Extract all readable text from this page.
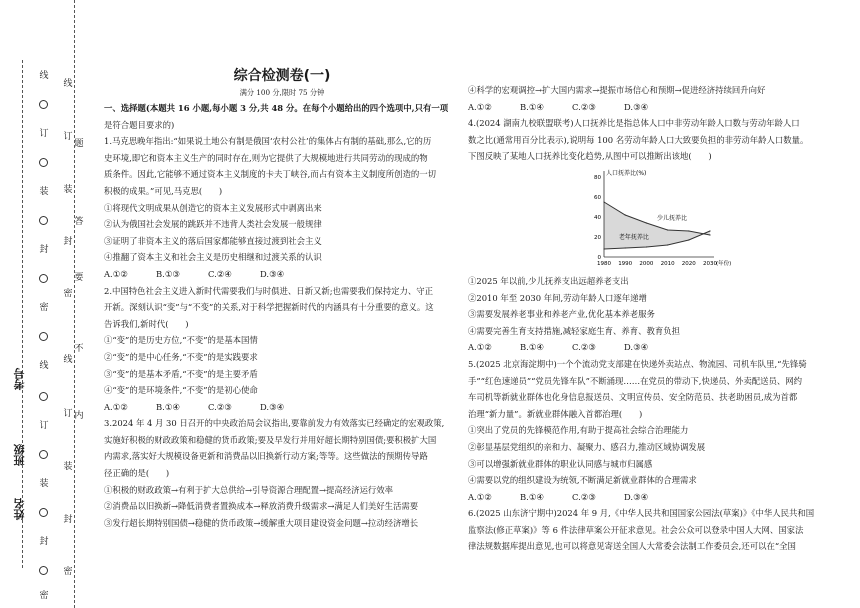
线
订
装
封
密
线
订
装
封
密
题
答
要
不
内
线
订
装
封
密
线
订
装
封
密
考号
班级
姓名
综合检测卷(一)
满分 100 分,限时 75 分钟

一、选择题(本题共 16 小题,每小题 3 分,共 48 分。在每个小题给出的四个选项中,只有一项

是符合题目要求的)

1.马克思晚年指出:“如果说土地公有制是俄国‘农村公社’的集体占有制的基础,那么,它的历

史环境,即它和资本主义生产的同时存在,则为它提供了大规模地进行共同劳动的现成的物

质条件。因此,它能够不通过资本主义制度的卡夫丁峡谷,而占有资本主义制度所创造的一切

积极的成果。”可见,马克思(　　)

①将现代文明成果从创造它的资本主义发展形式中剥离出来

②认为俄国社会发展的跳跃并不违背人类社会发展一般规律

③证明了非资本主义的落后国家都能够直接过渡到社会主义

④推翻了资本主义和社会主义是历史相继和过渡关系的认识

A.①②	B.①③	C.②④	D.③④

2.中国特色社会主义进入新时代需要我们与时俱进、日新又新;也需要我们保持定力、守正

开新。深刻认识“变”与“不变”的关系,对于科学把握新时代的内涵具有十分重要的意义。这

告诉我们,新时代(　　)

①“变”的是历史方位,“不变”的是基本国情

②“变”的是中心任务,“不变”的是实践要求

③“变”的是基本矛盾,“不变”的是主要矛盾

④“变”的是环境条件,“不变”的是初心使命

A.①②	B.①④	C.②③	D.③④

3.2024 年 4 月 30 日召开的中央政治局会议指出,要靠前发力有效落实已经确定的宏观政策,

实施好积极的财政政策和稳健的货币政策;要及早发行并用好超长期特别国债;要积极扩大国

内需求,落实好大规模设备更新和消费品以旧换新行动方案;等等。这些做法的预期传导路

径正确的是(　　)

①积极的财政政策→有利于扩大总供给→引导资源合理配置→提高经济运行效率

②消费品以旧换新→降低消费者置换成本→释放消费升级需求→满足人们美好生活需要

③发行超长期特别国债→稳健的货币政策→缓解重大项目建设资金问题→拉动经济增长

④科学的宏观调控→扩大国内需求→提振市场信心和预期→促进经济持续回升向好

A.①②	B.①④	C.②③	D.③④

4.(2024 湖南九校联盟联考)人口抚养比是指总体人口中非劳动年龄人口数与劳动年龄人口

数之比(通常用百分比表示),说明每 100 名劳动年龄人口大致要负担的非劳动年龄人口数量。

下图反映了某地人口抚养比变化趋势,从图中可以推断出该地(　　)

0
20
40
60
80
1980 1990 2000 2010 2020 2030
人口抚养比(%)
(年份)
少儿抚养比
老年抚养比

①2025 年以前,少儿抚养支出远超养老支出

②2010 年至 2030 年间,劳动年龄人口逐年递增

③需要发展养老事业和养老产业,优化基本养老服务

④需要完善生育支持措施,减轻家庭生育、养育、教育负担

A.①②	B.①④	C.②③	D.③④

5.(2025 北京海淀期中)一个个流动党支部建在快递外卖站点、物流园、司机车队里,“先锋骑

手”“红色速递员”“党员先锋车队”不断涌现……在党员的带动下,快递员、外卖配送员、网约

车司机等新就业群体也化身信息报送员、文明宣传员、安全防范员、扶老助困员,成为首都

治理“新力量”。新就业群体融入首都治理(　　)

①突出了党员的先锋模范作用,有助于提高社会综合治理能力

②彰显基层党组织的亲和力、凝聚力、感召力,推动区域协调发展

③可以增强新就业群体的职业认同感与城市归属感

④需要以党的组织建设为统领,不断满足新就业群体的合理需求

A.①②	B.①④	C.②③	D.③④

6.(2025 山东济宁期中)2024 年 9 月,《中华人民共和国国家公园法(草案)》《中华人民共和国

监察法(修正草案)》等 6 件法律草案公开征求意见。社会公众可以登录中国人大网、国家法

律法规数据库提出意见,也可以将意见寄送全国人大常委会法制工作委员会,还可以在“全国
